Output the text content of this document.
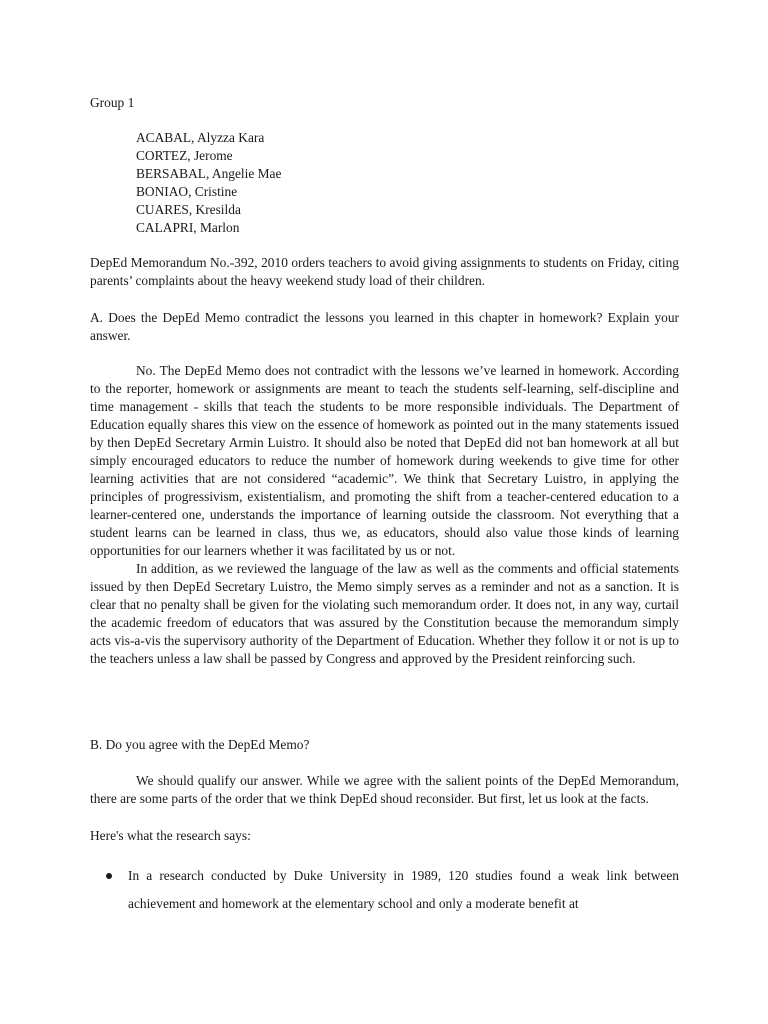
Group 1

ACABAL, Alyzza Kara
CORTEZ, Jerome
BERSABAL, Angelie Mae
BONIAO, Cristine
CUARES, Kresilda
CALAPRI, Marlon

DepEd Memorandum No.-392, 2010 orders teachers to avoid giving assignments to students on Friday, citing parents’ complaints about the heavy weekend study load of their children.

A. Does the DepEd Memo contradict the lessons you learned in this chapter in homework? Explain your answer.

No. The DepEd Memo does not contradict with the lessons we’ve learned in homework. According to the reporter, homework or assignments are meant to teach the students self-learning, self-discipline and time management - skills that teach the students to be more responsible individuals. The Department of Education equally shares this view on the essence of homework as pointed out in the many statements issued by then DepEd Secretary Armin Luistro. It should also be noted that DepEd did not ban homework at all but simply encouraged educators to reduce the number of homework during weekends to give time for other learning activities that are not considered “academic”. We think that Secretary Luistro, in applying the principles of progressivism, existentialism, and promoting the shift from a teacher-centered education to a learner-centered one, understands the importance of learning outside the classroom. Not everything that a student learns can be learned in class, thus we, as educators, should also value those kinds of learning opportunities for our learners whether it was facilitated by us or not.

In addition, as we reviewed the language of the law as well as the comments and official statements issued by then DepEd Secretary Luistro, the Memo simply serves as a reminder and not as a sanction. It is clear that no penalty shall be given for the violating such memorandum order. It does not, in any way, curtail the academic freedom of educators that was assured by the Constitution because the memorandum simply acts vis-a-vis the supervisory authority of the Department of Education. Whether they follow it or not is up to the teachers unless a law shall be passed by Congress and approved by the President reinforcing such.

B. Do you agree with the DepEd Memo?

We should qualify our answer. While we agree with the salient points of the DepEd Memorandum, there are some parts of the order that we think DepEd shoud reconsider. But first, let us look at the facts.

Here's what the research says:

In a research conducted by Duke University in 1989, 120 studies found a weak link between achievement and homework at the elementary school and only a moderate benefit at
